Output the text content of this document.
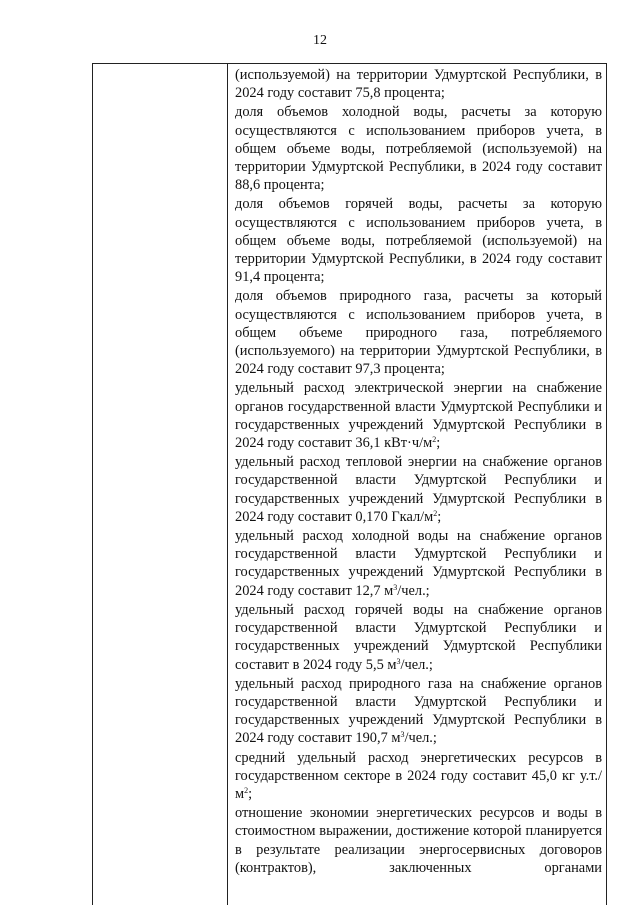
12

(используемой) на территории Удмуртской Республики, в 2024 году составит 75,8 процента;

доля объемов холодной воды, расчеты за которую осуществляются с использованием приборов учета, в общем объеме воды, потребляемой (используемой) на территории Удмуртской Республики, в 2024 году составит 88,6 процента;

доля объемов горячей воды, расчеты за которую осуществляются с использованием приборов учета, в общем объеме воды, потребляемой (используемой) на территории Удмуртской Республики, в 2024 году составит 91,4 процента;

доля объемов природного газа, расчеты за который осуществляются с использованием приборов учета, в общем объеме природного газа, потребляемого (используемого) на территории Удмуртской Республики, в 2024 году составит 97,3 процента;

удельный расход электрической энергии на снабжение органов государственной власти Удмуртской Республики и государственных учреждений Удмуртской Республики в 2024 году составит 36,1 $кВт\cdot ч/м^2$;

удельный расход тепловой энергии на снабжение органов государственной власти Удмуртской Республики и государственных учреждений Удмуртской Республики в 2024 году составит 0,170 Гкал/$м^2$;

удельный расход холодной воды на снабжение органов государственной власти Удмуртской Республики и государственных учреждений Удмуртской Республики в 2024 году составит 12,7 $м^3$/чел.;

удельный расход горячей воды на снабжение органов государственной власти Удмуртской Республики и государственных учреждений Удмуртской Республики составит в 2024 году 5,5 $м^3$/чел.;

удельный расход природного газа на снабжение органов государственной власти Удмуртской Республики и государственных учреждений Удмуртской Республики в 2024 году составит 190,7 $м^3$/чел.;

средний удельный расход энергетических ресурсов в государственном секторе в 2024 году составит 45,0 кг $у.т./м^2$;

отношение экономии энергетических ресурсов и воды в стоимостном выражении, достижение которой планируется в результате реализации энергосервисных договоров (контрактов), заключенных органами
